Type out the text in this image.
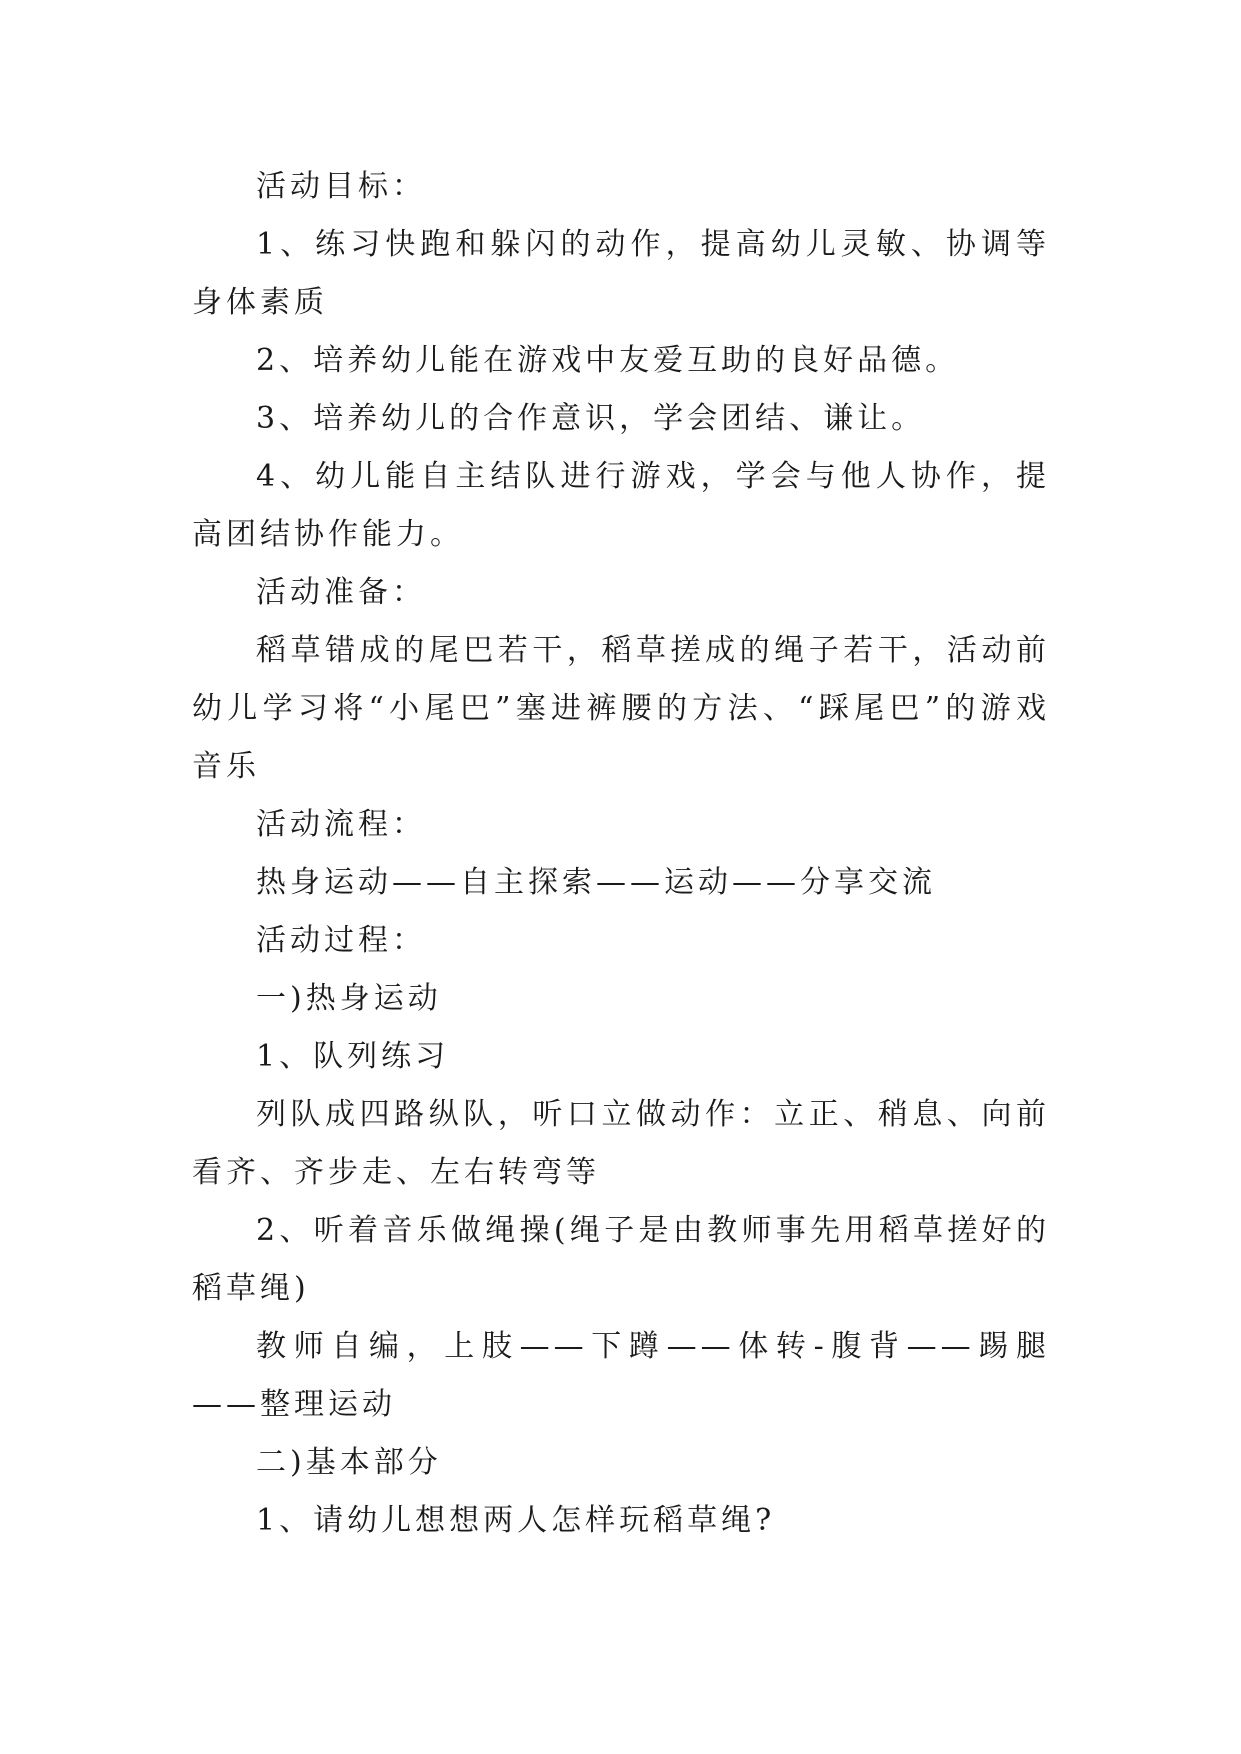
活动目标：

1、练习快跑和躲闪的动作，提高幼儿灵敏、协调等身体素质

2、培养幼儿能在游戏中友爱互助的良好品德。

3、培养幼儿的合作意识，学会团结、谦让。

4、幼儿能自主结队进行游戏，学会与他人协作，提高团结协作能力。

活动准备：

稻草错成的尾巴若干，稻草搓成的绳子若干，活动前幼儿学习将“小尾巴”塞进裤腰的方法、“踩尾巴”的游戏音乐

活动流程：

热身运动——自主探索——运动——分享交流

活动过程：

一)热身运动

1、队列练习

列队成四路纵队，听口立做动作：立正、稍息、向前看齐、齐步走、左右转弯等

2、听着音乐做绳操(绳子是由教师事先用稻草搓好的稻草绳)

教师自编，上肢——下蹲——体转-腹背——踢腿——整理运动

二)基本部分

1、请幼儿想想两人怎样玩稻草绳?
